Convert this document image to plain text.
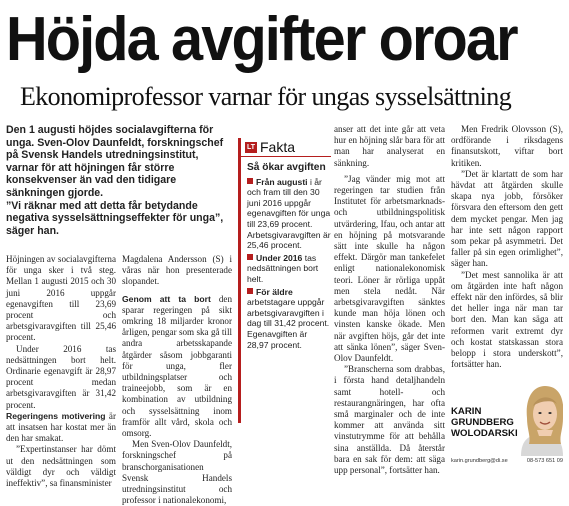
Höjda avgifter oroar
Ekonomiprofessor varnar för ungas sysselsättning

Den 1 augusti höjdes socialavgifterna för unga. Sven-Olov Daunfeldt, forskningschef på Svensk Handels utredningsinstitut, varnar för att höjningen får större konsekvenser än vad den tidigare sänkningen gjorde.

”Vi räknar med att detta får betydande negativa sysselsättningseffekter för unga”, säger han.

Höjningen av socialavgifterna för unga sker i två steg. Mellan 1 augusti 2015 och 30 juni 2016 uppgår egenavgiften till 23,69 procent och arbetsgivaravgiften till 25,46 procent.

Under 2016 tas nedsättningen bort helt. Ordinarie egenavgift är 28,97 procent medan arbetsgivaravgiften är 31,42 procent.

Regeringens motivering är att insatsen har kostat mer än den har smakat.

”Expertinstanser har dömt ut den nedsättningen som väldigt dyr och väldigt ineffektiv”, sa finansminister

Magdalena Andersson (S) i våras när hon presenterade slopandet.

Genom att ta bort den sparar regeringen på sikt omkring 18 miljarder kronor årligen, pengar som ska gå till andra arbetsskapande åtgärder såsom jobbgaranti för unga, fler utbildningsplatser och traineejobb, som är en kombination av utbildning och sysselsättning inom framför allt vård, skola och omsorg.

Men Sven-Olov Daunfeldt, forskningschef på branschorganisationen Svensk Handels utredningsinstitut och professor i nationalekonomi,

LT Fakta
Så ökar avgiften
Från augusti i år och fram till den 30 juni 2016 uppgår egenavgiften för unga till 23,69 procent. Arbetsgivaravgiften är 25,46 procent.
Under 2016 tas nedsättningen bort helt.
För äldre arbetstagare uppgår arbetsgivaravgiften i dag till 31,42 procent. Egenavgiften är 28,97 procent.

anser att det inte går att veta hur en höjning slår bara för att man har analyserat en sänkning.

”Jag vänder mig mot att regeringen tar studien från Institutet för arbetsmarknads- och utbildningspolitisk utvärdering, Ifau, och antar att en höjning på motsvarande sätt inte skulle ha någon effekt. Därgör man tankefelet enligt nationalekonomisk teori. Löner är rörliga uppåt men stela nedåt. När arbetsgivaravgiften sänktes kunde man höja lönen och vinsten kanske ökade. Men när avgiften höjs, går det inte att sänka lönen”, säger Sven-Olov Daunfeldt.

”Branscherna som drabbas, i första hand detaljhandeln samt hotell- och restaurangnäringen, har ofta små marginaler och de inte kommer att använda sitt vinstutrymme för att behålla sina anställda. Då återstår bara en sak för dem: att säga upp personal”, fortsätter han.

Men Fredrik Olovsson (S), ordförande i riksdagens finansutskott, viftar bort kritiken.

”Det är klartatt de som har hävdat att åtgärden skulle skapa nya jobb, försöker försvara den eftersom den gett dem mycket pengar. Men jag har inte sett någon rapport som pekar på asymmetri. Det faller på sin egen orimlighet”, säger han.

”Det mest sannolika är att om åtgärden inte haft någon effekt när den infördes, så blir det heller inga när man tar bort den. Man kan säga att reformen varit extremt dyr och kostat statskassan stora belopp i stora underskott”, fortsätter han.

KARIN GRUNDBERG WOLODARSKI
karin.grundberg@di.se	08-573 651 09
